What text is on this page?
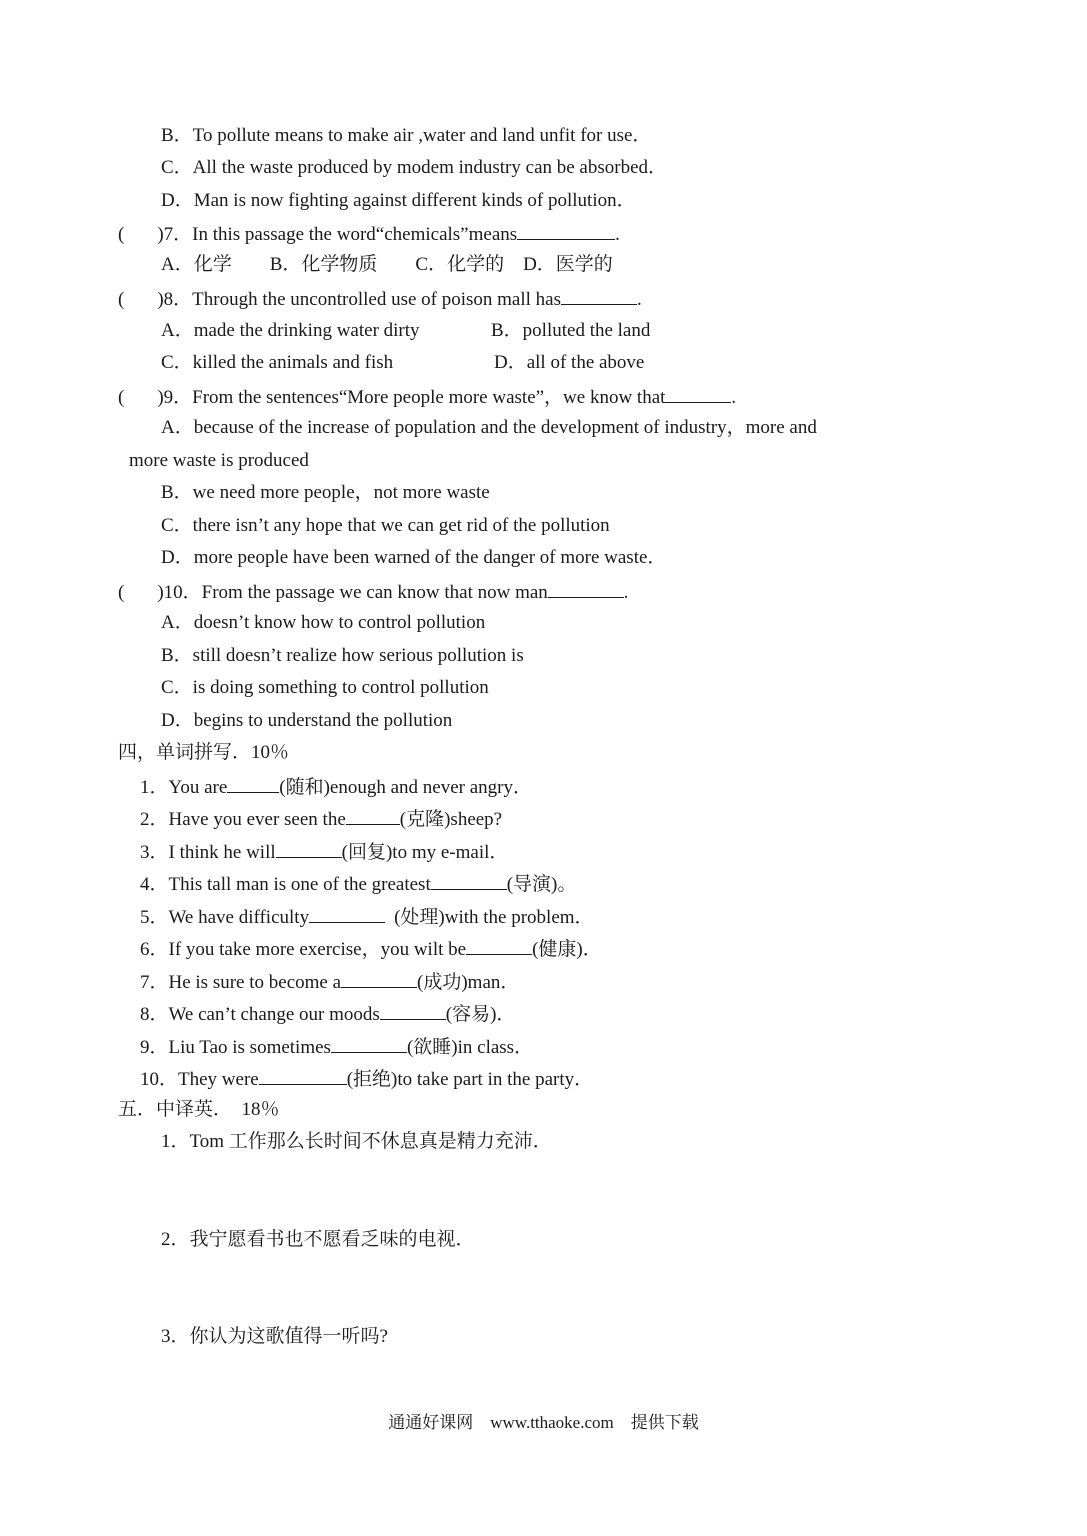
B．To pollute means to make air ,water and land unfit for use．
C．All the waste produced by modem industry can be absorbed．
D．Man is now fighting against different kinds of pollution．
( )7．In this passage the word“chemicals”means	.
A．化学　　B．化学物质　　C．化学的　D．医学的
( )8．Through the uncontrolled use of poison mall has	.
A．made the drinking water dirty	B．polluted the land
C．killed the animals and fish	D．all of the above
( )9．From the sentences“More people more waste”，we know that	.
A．because of the increase of population and the development of industry，more and
more waste is produced
B．we need more people，not more waste
C．there isn’t any hope that we can get rid of the pollution
D．more people have been warned of the danger of more waste．
( )10．From the passage we can know that now man	.
A．doesn’t know how to control pollution
B．still doesn’t realize how serious pollution is
C．is doing something to control pollution
D．begins to understand the pollution
四，单词拼写．10％
1．You are	(随和)enough and never angry．
2．Have you ever seen the	(克隆)sheep?
3．I think he will	(回复)to my e-mail．
4．This tall man is one of the greatest	(导演)。
5．We have difficulty	(处理)with the problem．
6．If you take more exercise，you wilt be	(健康)．
7．He is sure to become a	(成功)man．
8．We can’t change our moods	(容易)．
9．Liu Tao is sometimes	(欲睡)in class．
10．They were	(拒绝)to take part in the party．
五．中译英．　18％
1．Tom 工作那么长时间不休息真是精力充沛．
2．我宁愿看书也不愿看乏味的电视．
3．你认为这歌值得一听吗?
通通好课网　www.tthaoke.com　提供下载
